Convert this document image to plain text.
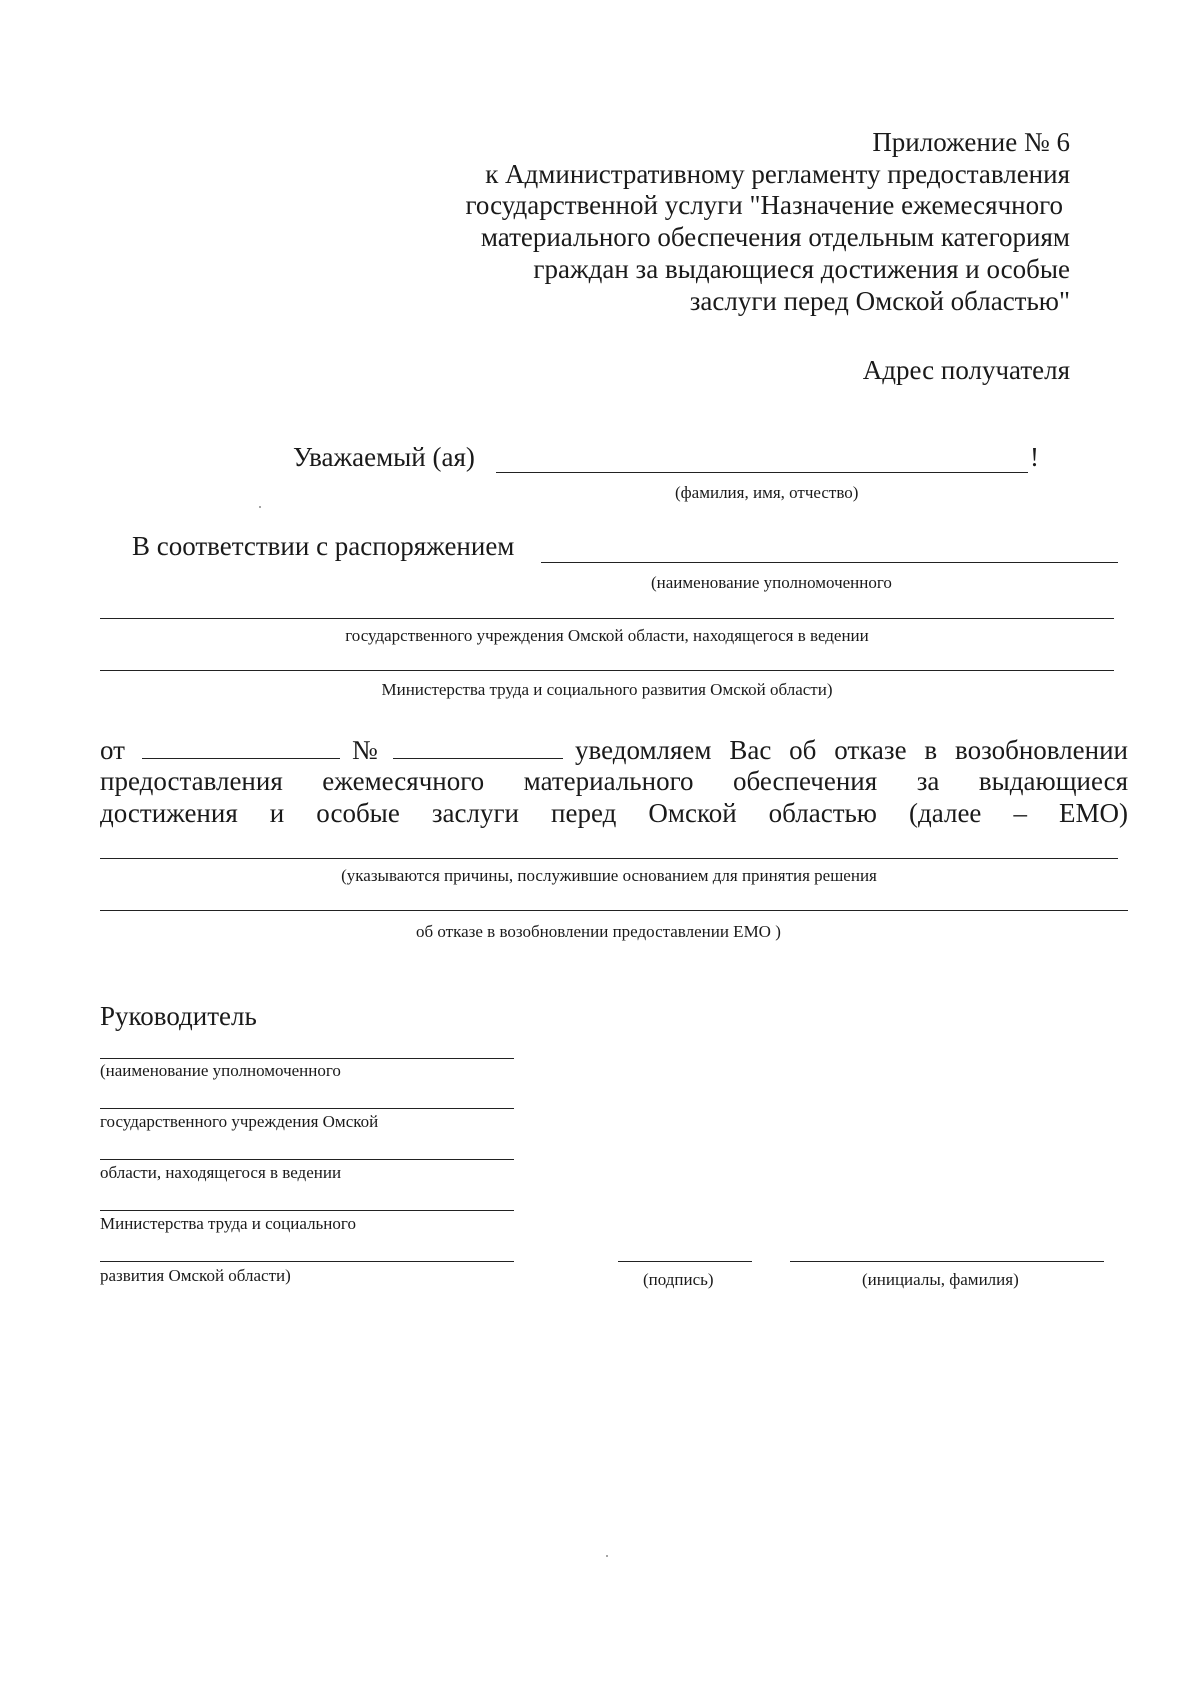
Приложение № 6
к Административному регламенту предоставления
государственной услуги "Назначение ежемесячного
материального обеспечения отдельным категориям
граждан за выдающиеся достижения и особые
заслуги перед Омской областью"
Адрес получателя
Уважаемый (ая)	!
(фамилия, имя, отчество)
В соответствии с распоряжением
(наименование уполномоченного
государственного учреждения Омской области, находящегося в ведении
Министерства труда и социального развития Омской области)
от	№	уведомляем Вас об отказе в возобновлении
предоставления ежемесячного материального обеспечения за выдающиеся
достижения и особые заслуги перед Омской областью (далее – ЕМО)
(указываются причины, послужившие основанием для принятия решения
об отказе в возобновлении предоставлении ЕМО )
Руководитель
(наименование уполномоченного
государственного учреждения Омской
области, находящегося в ведении
Министерства труда и социального
развития Омской области)	(подпись)	(инициалы, фамилия)
